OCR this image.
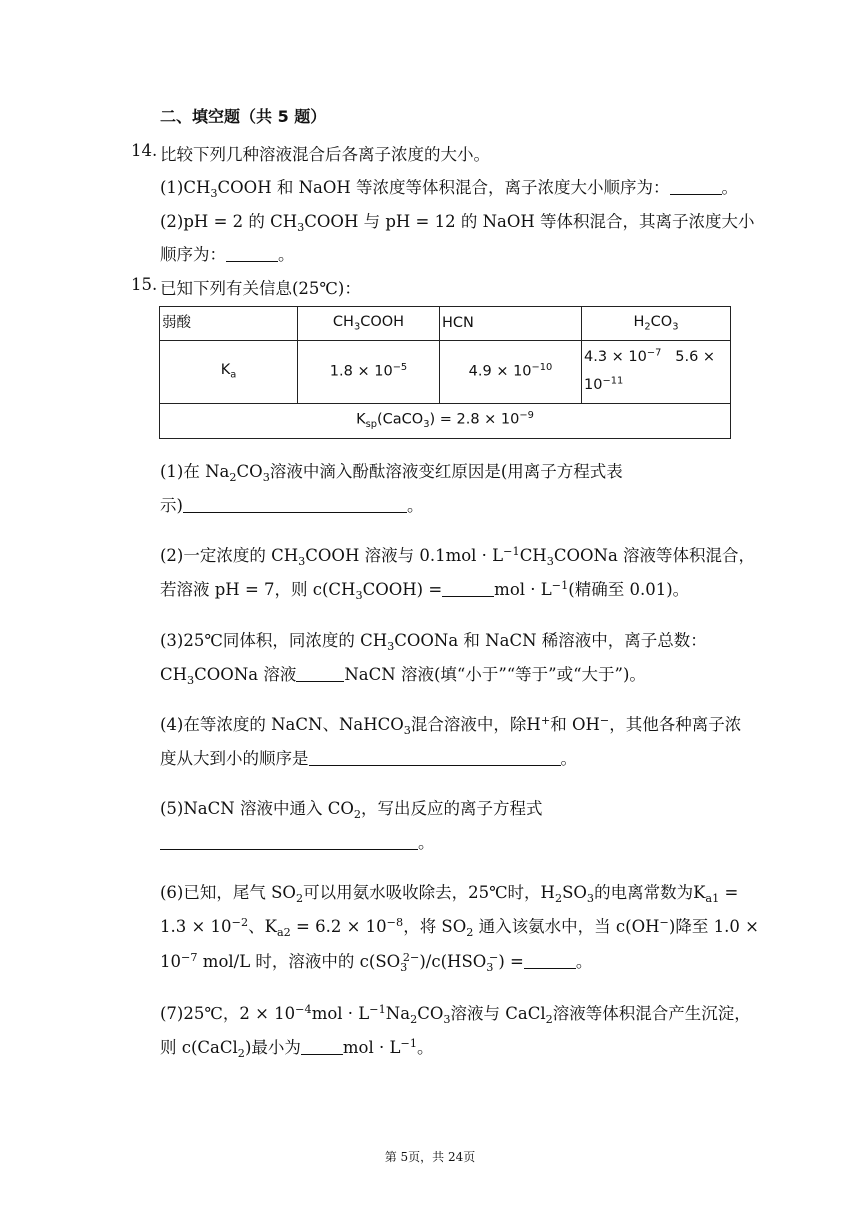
二、填空题（共 5 题）
14. 比较下列几种溶液混合后各离子浓度的大小。
$(1)CH_3COOH$ 和 NaOH 等浓度等体积混合，离子浓度大小顺序为：	。
(2)pH = 2 的 $CH_3COOH$ 与 pH = 12 的 NaOH 等体积混合，其离子浓度大小
顺序为：	。
15. 已知下列有关信息(25℃)：
弱酸	$CH_3COOH$	HCN	$H_2CO_3$
$K_a$	$1.8 \times 10^{-5}$	$4.9 \times 10^{-10}$	$4.3 \times 10^{-7}$ 5.6 ×
$10^{-11}$
$K_{sp}(CaCO_3) = 2.8 \times 10^{-9}$
(1)在 $Na_2CO_3$溶液中滴入酚酞溶液变红原因是(用离子方程式表
示)	。
(2)一定浓度的 $CH_3COOH$ 溶液与 $0.1mol \cdot L^{-1}CH_3COONa$ 溶液等体积混合，
若溶液 pH = 7，则 $c(CH_3COOH)$ =	mol · $L^{-1}$(精确至 0.01)。
(3)25℃同体积，同浓度的 $CH_3COONa$ 和 NaCN 稀溶液中，离子总数：
$CH_3COONa$ 溶液	NaCN 溶液(填“小于”“等于”或“大于”)。
(4)在等浓度的 NaCN、NaHCO$_3$混合溶液中，除H+和 OH−，其他各种离子浓
度从大到小的顺序是	。
(5)NaCN 溶液中通入 $CO_2$，写出反应的离子方程式
。
(6)已知，尾气 $SO_2$可以用氨水吸收除去，25℃时，$H_2SO_3$的电离常数为$K_{a1}$ =
$1.3 \times 10^{-2}$、$K_{a2} = 6.2 \times 10^{-8}$，将 $SO_2$ 通入该氨水中，当 c(OH−)降至 1.0 ×
$10^{-7}$ mol/L 时，溶液中的 $c(SO_3^{2-})/c(HSO_3^-)$ =	。
(7)25℃，$2 \times 10^{-4}mol \cdot L^{-1}Na_2CO_3$溶液与 CaCl$_2$溶液等体积混合产生沉淀，
则 c(CaCl$_2$)最小为	mol · $L^{-1}$。
第 5页，共 24页
